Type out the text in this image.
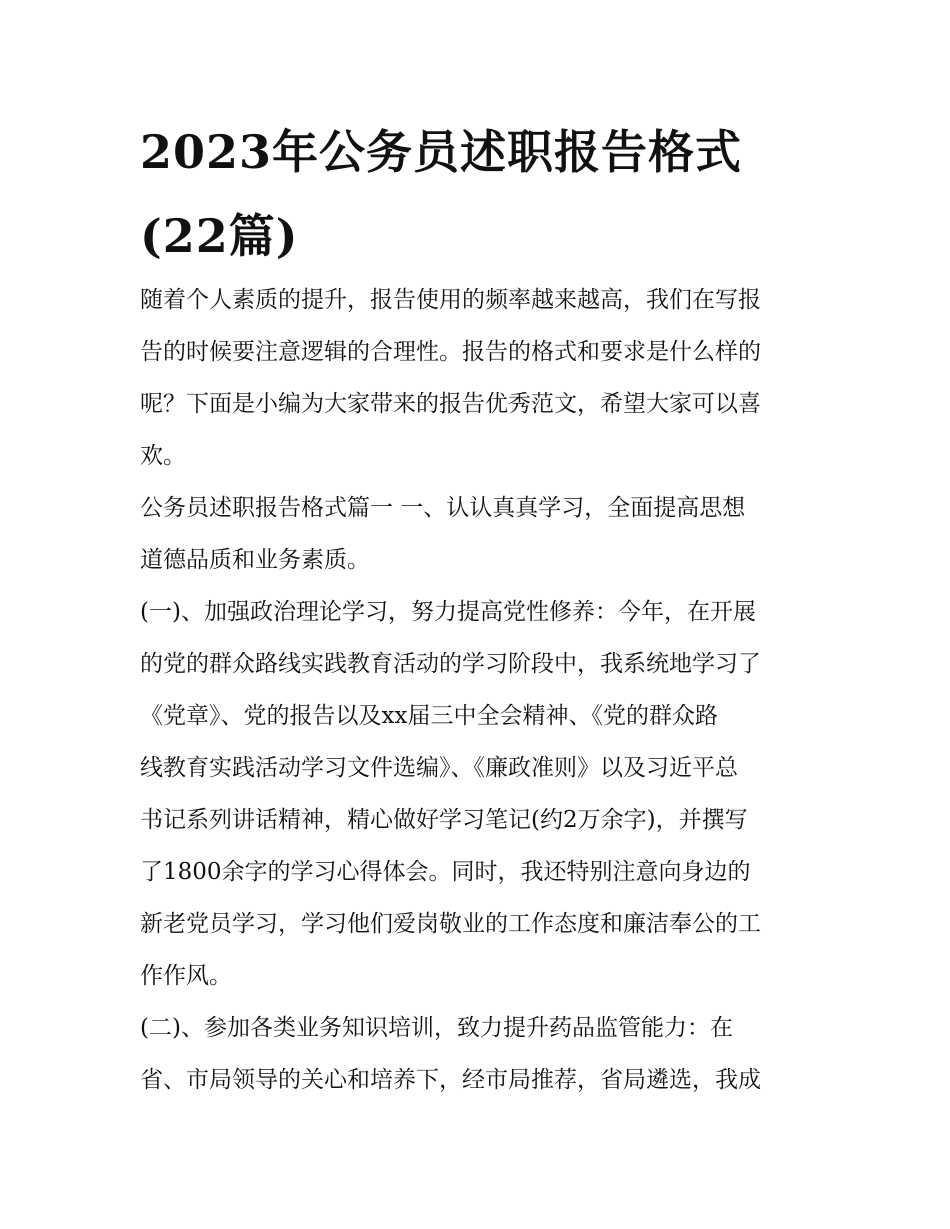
2023年公务员述职报告格式
(22篇)

随着个人素质的提升，报告使用的频率越来越高，我们在写报
告的时候要注意逻辑的合理性。报告的格式和要求是什么样的
呢？下面是小编为大家带来的报告优秀范文，希望大家可以喜
欢。

公务员述职报告格式篇一 一、认认真真学习，全面提高思想
道德品质和业务素质。

(一)、加强政治理论学习，努力提高党性修养：今年，在开展
的党的群众路线实践教育活动的学习阶段中，我系统地学习了
《党章》、党的报告以及xx届三中全会精神、《党的群众路
线教育实践活动学习文件选编》、《廉政准则》以及习近平总
书记系列讲话精神，精心做好学习笔记(约2万余字)，并撰写
了1800余字的学习心得体会。同时，我还特别注意向身边的
新老党员学习，学习他们爱岗敬业的工作态度和廉洁奉公的工
作作风。

(二)、参加各类业务知识培训，致力提升药品监管能力：在
省、市局领导的关心和培养下，经市局推荐，省局遴选，我成
